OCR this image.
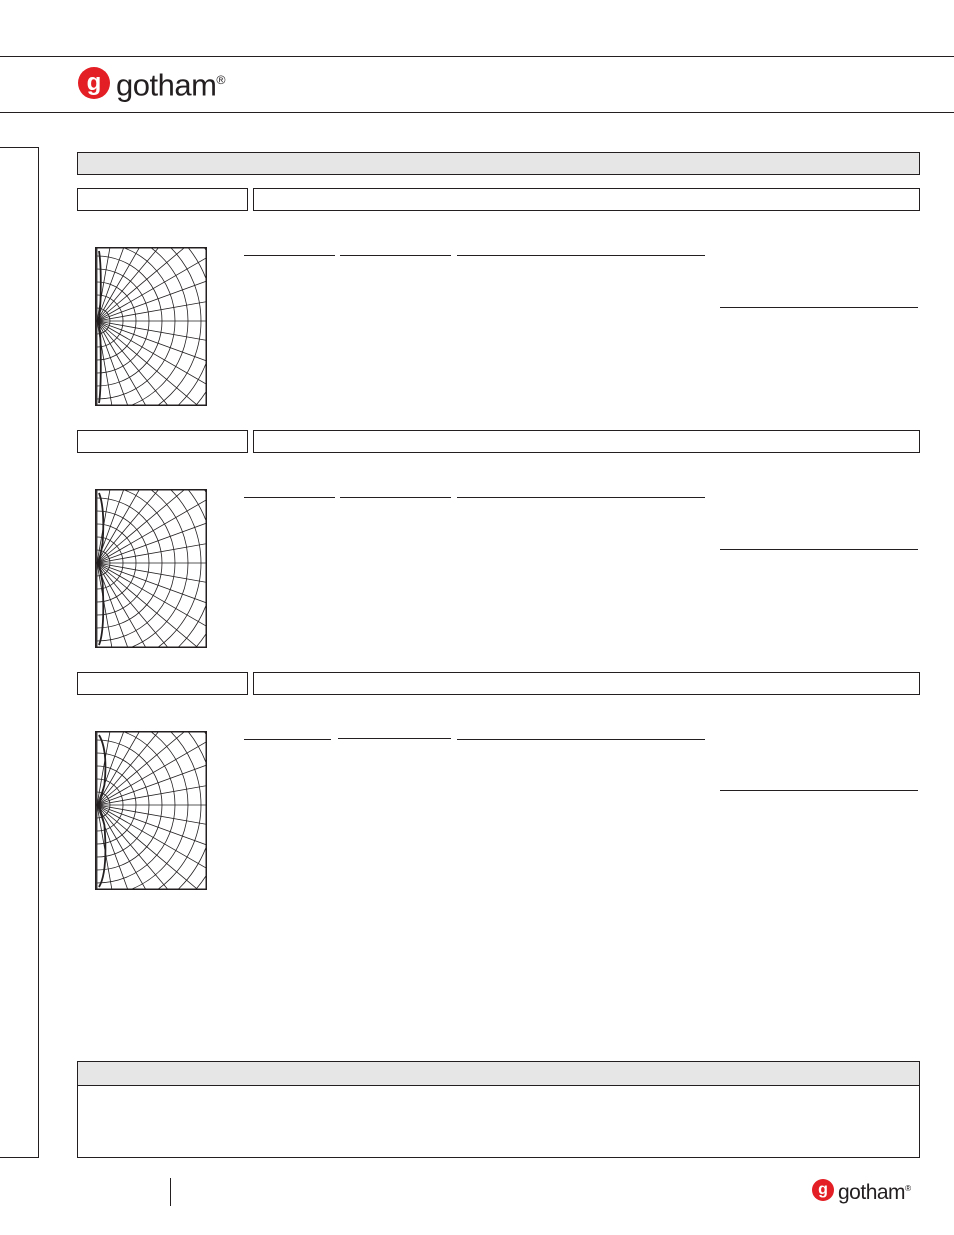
g gotham®
g gotham®
